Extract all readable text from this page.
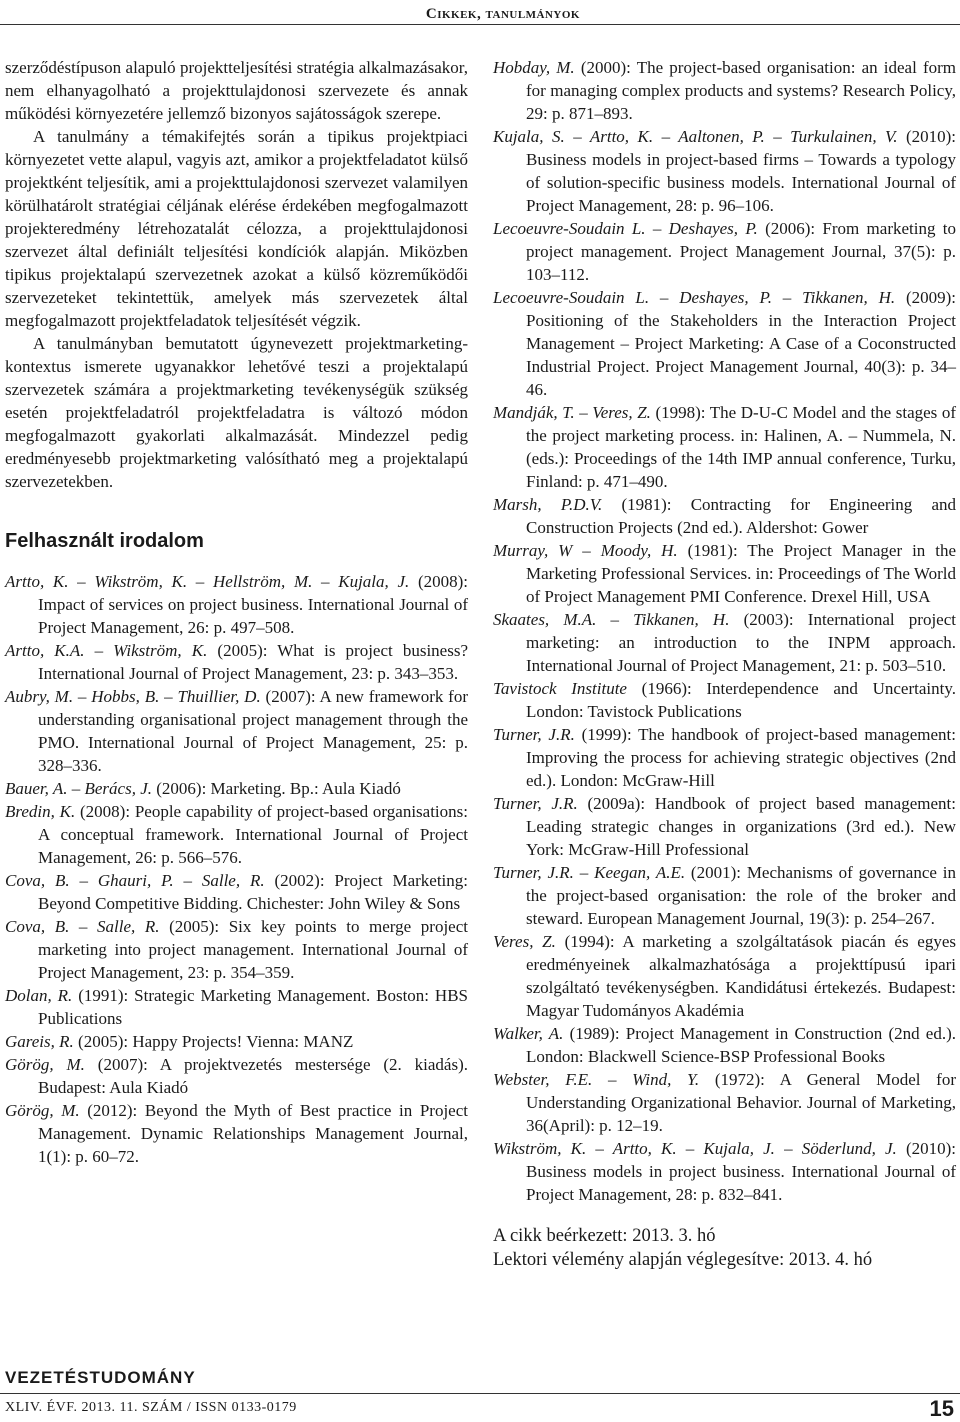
Cikkek, tanulmányok

szerződéstípuson alapuló projektteljesítési stratégia alkalmazásakor, nem elhanyagolható a projekttulajdonosi szervezete és annak működési környezetére jellemző bizonyos sajátosságok szerepe.

A tanulmány a témakifejtés során a tipikus projektpiaci környezetet vette alapul, vagyis azt, amikor a projektfeladatot külső projektként teljesítik, ami a projekttulajdonosi szervezet valamilyen körülhatárolt stratégiai céljának elérése érdekében megfogalmazott projekteredmény létrehozatalát célozza, a projekttulajdonosi szervezet által definiált teljesítési kondíciók alapján. Miközben tipikus projektalapú szervezetnek azokat a külső közreműködői szervezeteket tekintettük, amelyek más szervezetek által megfogalmazott projektfeladatok teljesítését végzik.

A tanulmányban bemutatott úgynevezett projektmarketing-kontextus ismerete ugyanakkor lehetővé teszi a projektalapú szervezetek számára a projektmarketing tevékenységük szükség esetén projektfeladatról projektfeladatra is változó módon megfogalmazott gyakorlati alkalmazását. Mindezzel pedig eredményesebb projektmarketing valósítható meg a projektalapú szervezetekben.

Felhasznált irodalom

Artto, K. – Wikström, K. – Hellström, M. – Kujala, J. (2008): Impact of services on project business. International Journal of Project Management, 26: p. 497–508.

Artto, K.A. – Wikström, K. (2005): What is project business? International Journal of Project Management, 23: p. 343–353.

Aubry, M. – Hobbs, B. – Thuillier, D. (2007): A new framework for understanding organisational project management through the PMO. International Journal of Project Management, 25: p. 328–336.

Bauer, A. – Berács, J. (2006): Marketing. Bp.: Aula Kiadó

Bredin, K. (2008): People capability of project-based organisations: A conceptual framework. International Journal of Project Management, 26: p. 566–576.

Cova, B. – Ghauri, P. – Salle, R. (2002): Project Marketing: Beyond Competitive Bidding. Chichester: John Wiley & Sons

Cova, B. – Salle, R. (2005): Six key points to merge project marketing into project management. International Journal of Project Management, 23: p. 354–359.

Dolan, R. (1991): Strategic Marketing Management. Boston: HBS Publications

Gareis, R. (2005): Happy Projects! Vienna: MANZ

Görög, M. (2007): A projektvezetés mestersége (2. kiadás). Budapest: Aula Kiadó

Görög, M. (2012): Beyond the Myth of Best practice in Project Management. Dynamic Relationships Management Journal, 1(1): p. 60–72.

Hobday, M. (2000): The project-based organisation: an ideal form for managing complex products and systems? Research Policy, 29: p. 871–893.

Kujala, S. – Artto, K. – Aaltonen, P. – Turkulainen, V. (2010): Business models in project-based firms – Towards a typology of solution-specific business models. International Journal of Project Management, 28: p. 96–106.

Lecoeuvre-Soudain L. – Deshayes, P. (2006): From marketing to project management. Project Management Journal, 37(5): p. 103–112.

Lecoeuvre-Soudain L. – Deshayes, P. – Tikkanen, H. (2009): Positioning of the Stakeholders in the Interaction Project Management – Project Marketing: A Case of a Coconstructed Industrial Project. Project Management Journal, 40(3): p. 34–46.

Mandják, T. – Veres, Z. (1998): The D-U-C Model and the stages of the project marketing process. in: Halinen, A. – Nummela, N. (eds.): Proceedings of the 14th IMP annual conference, Turku, Finland: p. 471–490.

Marsh, P.D.V. (1981): Contracting for Engineering and Construction Projects (2nd ed.). Aldershot: Gower

Murray, W – Moody, H. (1981): The Project Manager in the Marketing Professional Services. in: Proceedings of The World of Project Management PMI Conference. Drexel Hill, USA

Skaates, M.A. – Tikkanen, H. (2003): International project marketing: an introduction to the INPM approach. International Journal of Project Management, 21: p. 503–510.

Tavistock Institute (1966): Interdependence and Uncertainty. London: Tavistock Publications

Turner, J.R. (1999): The handbook of project-based management: Improving the process for achieving strategic objectives (2nd ed.). London: McGraw-Hill

Turner, J.R. (2009a): Handbook of project based management: Leading strategic changes in organizations (3rd ed.). New York: McGraw-Hill Professional

Turner, J.R. – Keegan, A.E. (2001): Mechanisms of governance in the project-based organisation: the role of the broker and steward. European Management Journal, 19(3): p. 254–267.

Veres, Z. (1994): A marketing a szolgáltatások piacán és egyes eredményeinek alkalmazhatósága a projekttípusú ipari szolgáltató tevékenységben. Kandidátusi értekezés. Budapest: Magyar Tudományos Akadémia

Walker, A. (1989): Project Management in Construction (2nd ed.). London: Blackwell Science-BSP Professional Books

Webster, F.E. – Wind, Y. (1972): A General Model for Understanding Organizational Behavior. Journal of Marketing, 36(April): p. 12–19.

Wikström, K. – Artto, K. – Kujala, J. – Söderlund, J. (2010): Business models in project business. International Journal of Project Management, 28: p. 832–841.

A cikk beérkezett: 2013. 3. hó
Lektori vélemény alapján véglegesítve: 2013. 4. hó
VEZETÉSTUDOMÁNY
XLIV. ÉVF. 2013. 11. SZÁM / ISSN 0133-0179	15
